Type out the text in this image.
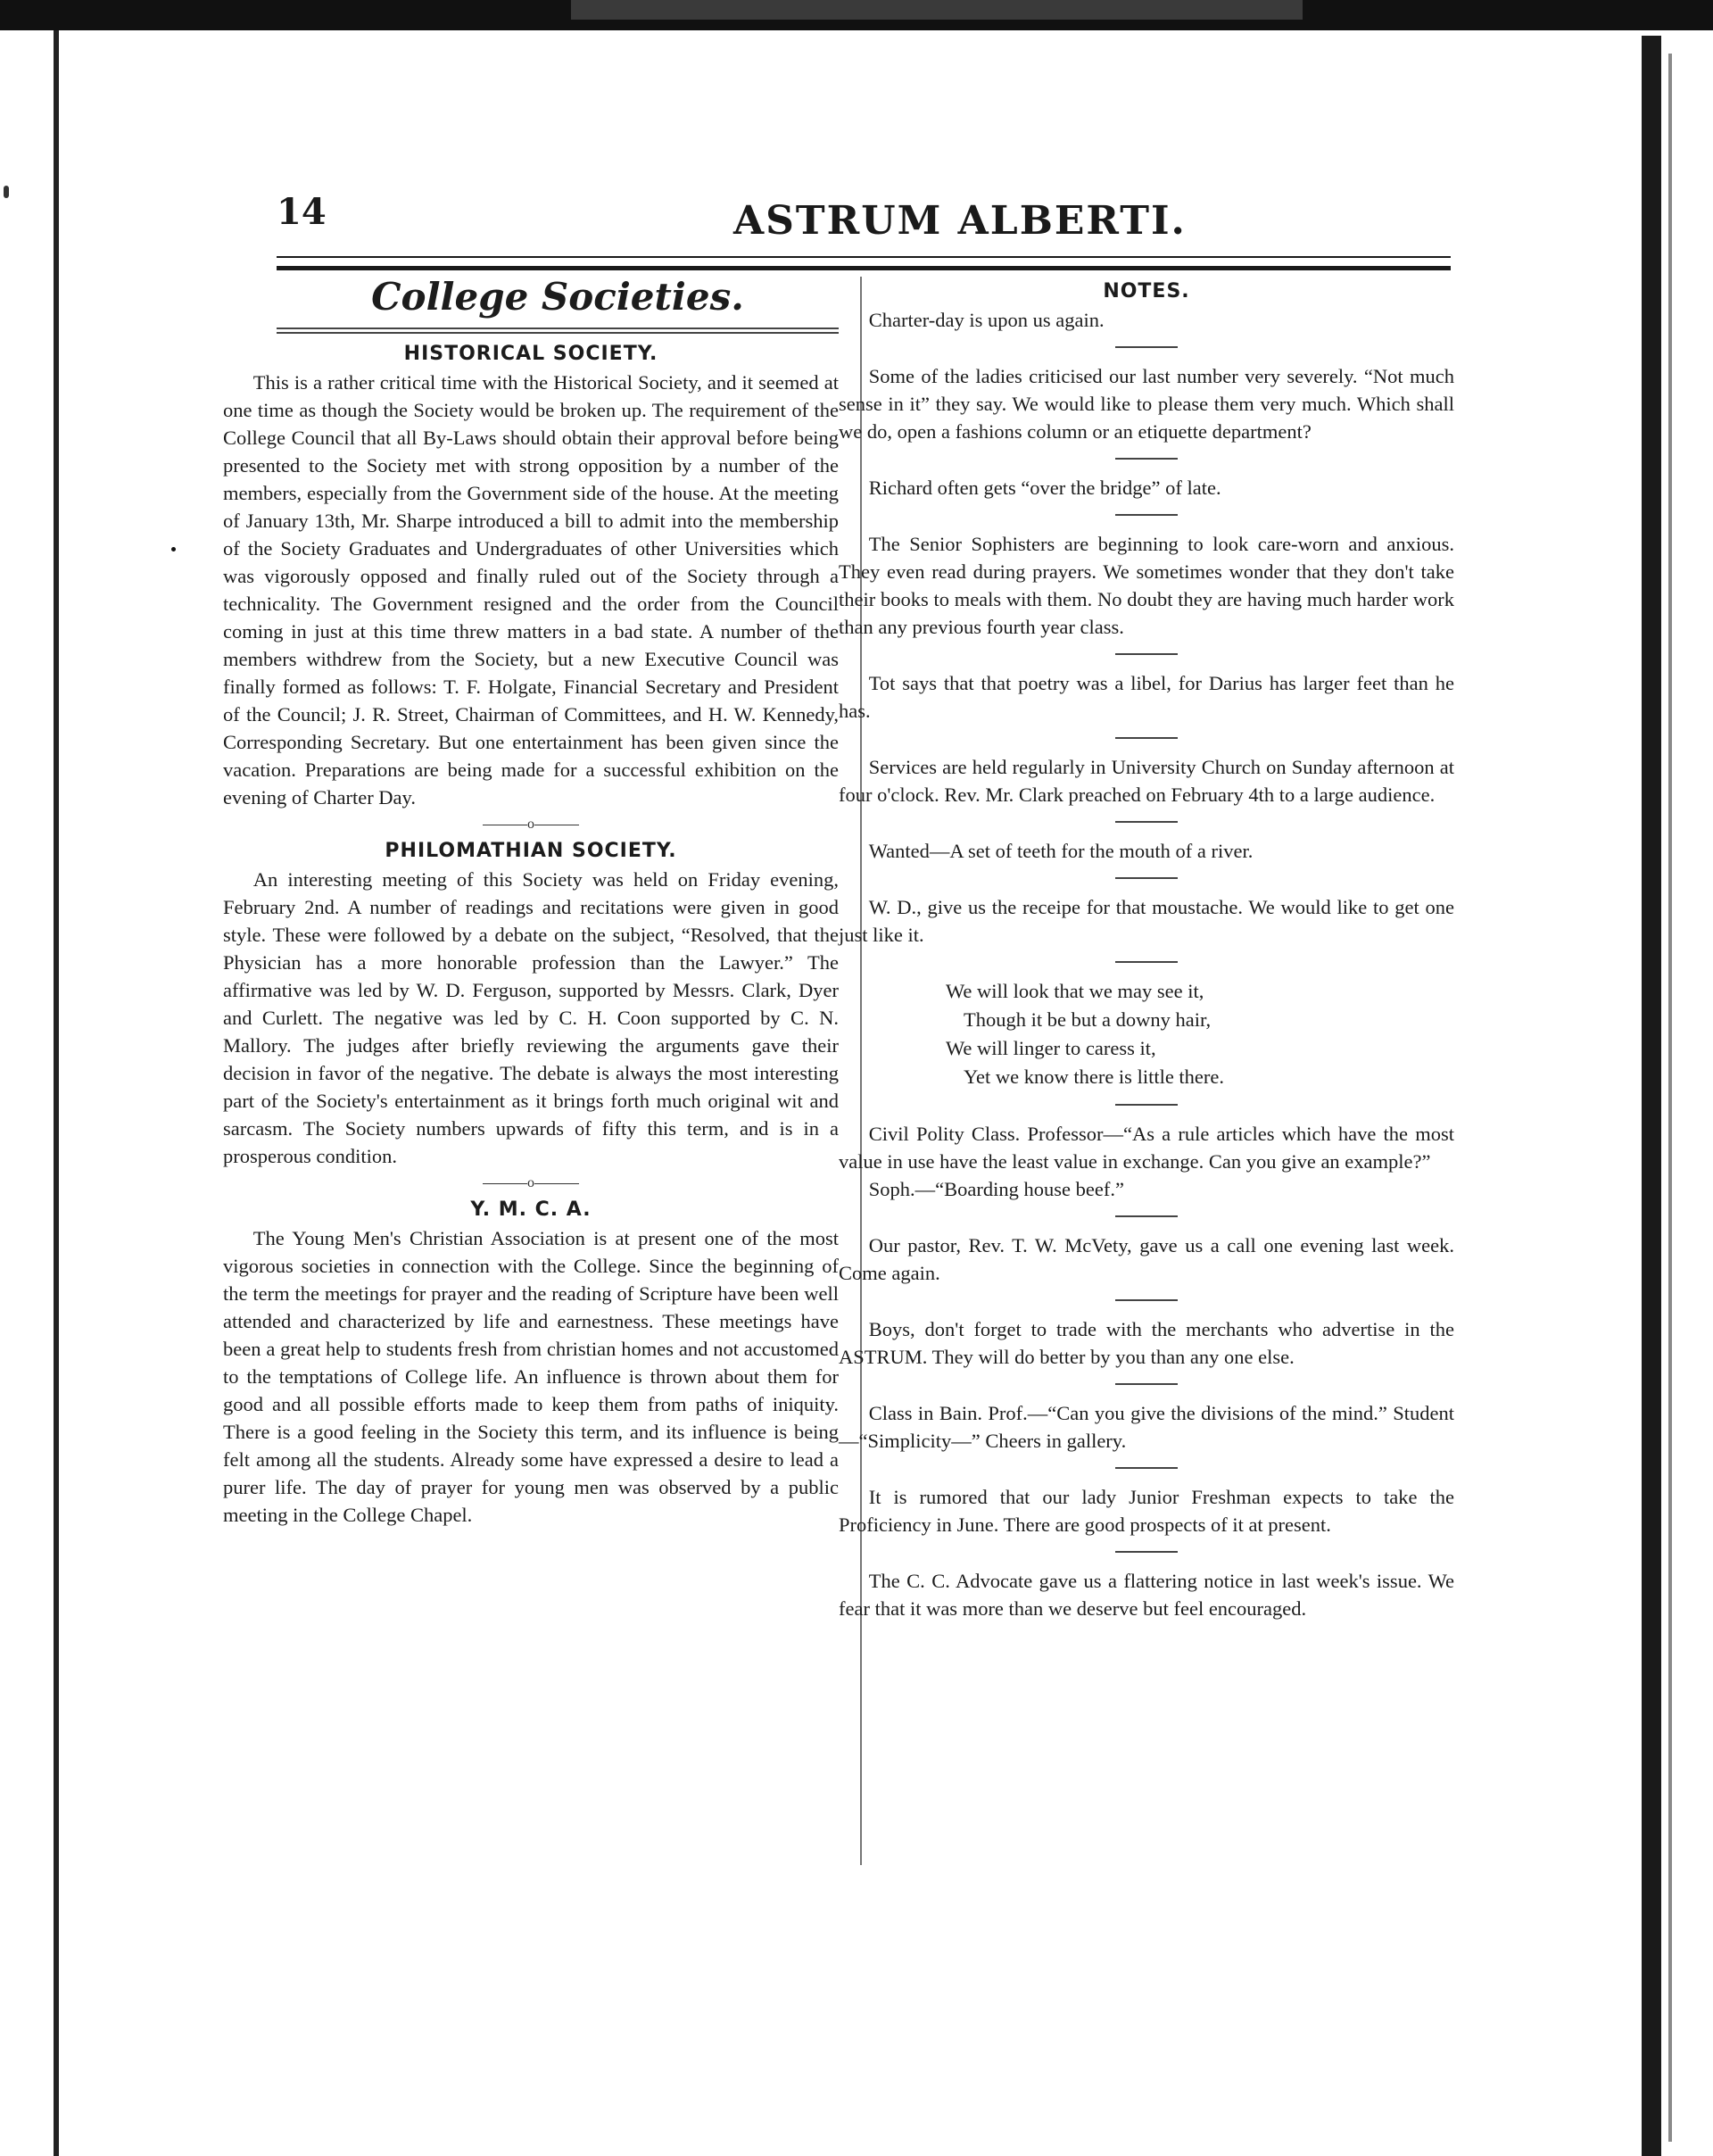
14	ASTRUM ALBERTI.
College Societies.
HISTORICAL SOCIETY.

This is a rather critical time with the Historical Society, and it seemed at one time as though the Society would be broken up. The requirement of the College Council that all By-Laws should obtain their approval before being presented to the Society met with strong opposition by a number of the members, especially from the Government side of the house. At the meeting of January 13th, Mr. Sharpe introduced a bill to admit into the membership of the Society Graduates and Undergraduates of other Universities which was vigorously opposed and finally ruled out of the Society through a technicality. The Government resigned and the order from the Council coming in just at this time threw matters in a bad state. A number of the members withdrew from the Society, but a new Executive Council was finally formed as follows: T. F. Holgate, Financial Secretary and President of the Council; J. R. Street, Chairman of Committees, and H. W. Kennedy, Corresponding Secretary. But one entertainment has been given since the vacation. Preparations are being made for a successful exhibition on the evening of Charter Day.

o
PHILOMATHIAN SOCIETY.

An interesting meeting of this Society was held on Friday evening, February 2nd. A number of readings and recitations were given in good style. These were followed by a debate on the subject, “Resolved, that the Physician has a more honorable profession than the Lawyer.” The affirmative was led by W. D. Ferguson, supported by Messrs. Clark, Dyer and Curlett. The negative was led by C. H. Coon supported by C. N. Mallory. The judges after briefly reviewing the arguments gave their decision in favor of the negative. The debate is always the most interesting part of the Society's entertainment as it brings forth much original wit and sarcasm. The Society numbers upwards of fifty this term, and is in a prosperous condition.

o
Y. M. C. A.

The Young Men's Christian Association is at present one of the most vigorous societies in connection with the College. Since the beginning of the term the meetings for prayer and the reading of Scripture have been well attended and characterized by life and earnestness. These meetings have been a great help to students fresh from christian homes and not accustomed to the temptations of College life. An influence is thrown about them for good and all possible efforts made to keep them from paths of iniquity. There is a good feeling in the Society this term, and its influence is being felt among all the students. Already some have expressed a desire to lead a purer life. The day of prayer for young men was observed by a public meeting in the College Chapel.

NOTES.

Charter-day is upon us again.

Some of the ladies criticised our last number very severely. “Not much sense in it” they say. We would like to please them very much. Which shall we do, open a fashions column or an etiquette department?

Richard often gets “over the bridge” of late.

The Senior Sophisters are beginning to look care-worn and anxious. They even read during prayers. We sometimes wonder that they don't take their books to meals with them. No doubt they are having much harder work than any previous fourth year class.

Tot says that that poetry was a libel, for Darius has larger feet than he has.

Services are held regularly in University Church on Sunday afternoon at four o'clock. Rev. Mr. Clark preached on February 4th to a large audience.

Wanted—A set of teeth for the mouth of a river.

W. D., give us the receipe for that moustache. We would like to get one just like it.

We will look that we may see it,
Though it be but a downy hair,
We will linger to caress it,
Yet we know there is little there.

Civil Polity Class. Professor—“As a rule articles which have the most value in use have the least value in exchange. Can you give an example?”

Soph.—“Boarding house beef.”

Our pastor, Rev. T. W. McVety, gave us a call one evening last week. Come again.

Boys, don't forget to trade with the merchants who advertise in the ASTRUM. They will do better by you than any one else.

Class in Bain. Prof.—“Can you give the divisions of the mind.” Student—“Simplicity—” Cheers in gallery.

It is rumored that our lady Junior Freshman expects to take the Proficiency in June. There are good prospects of it at present.

The C. C. Advocate gave us a flattering notice in last week's issue. We fear that it was more than we deserve but feel encouraged.
